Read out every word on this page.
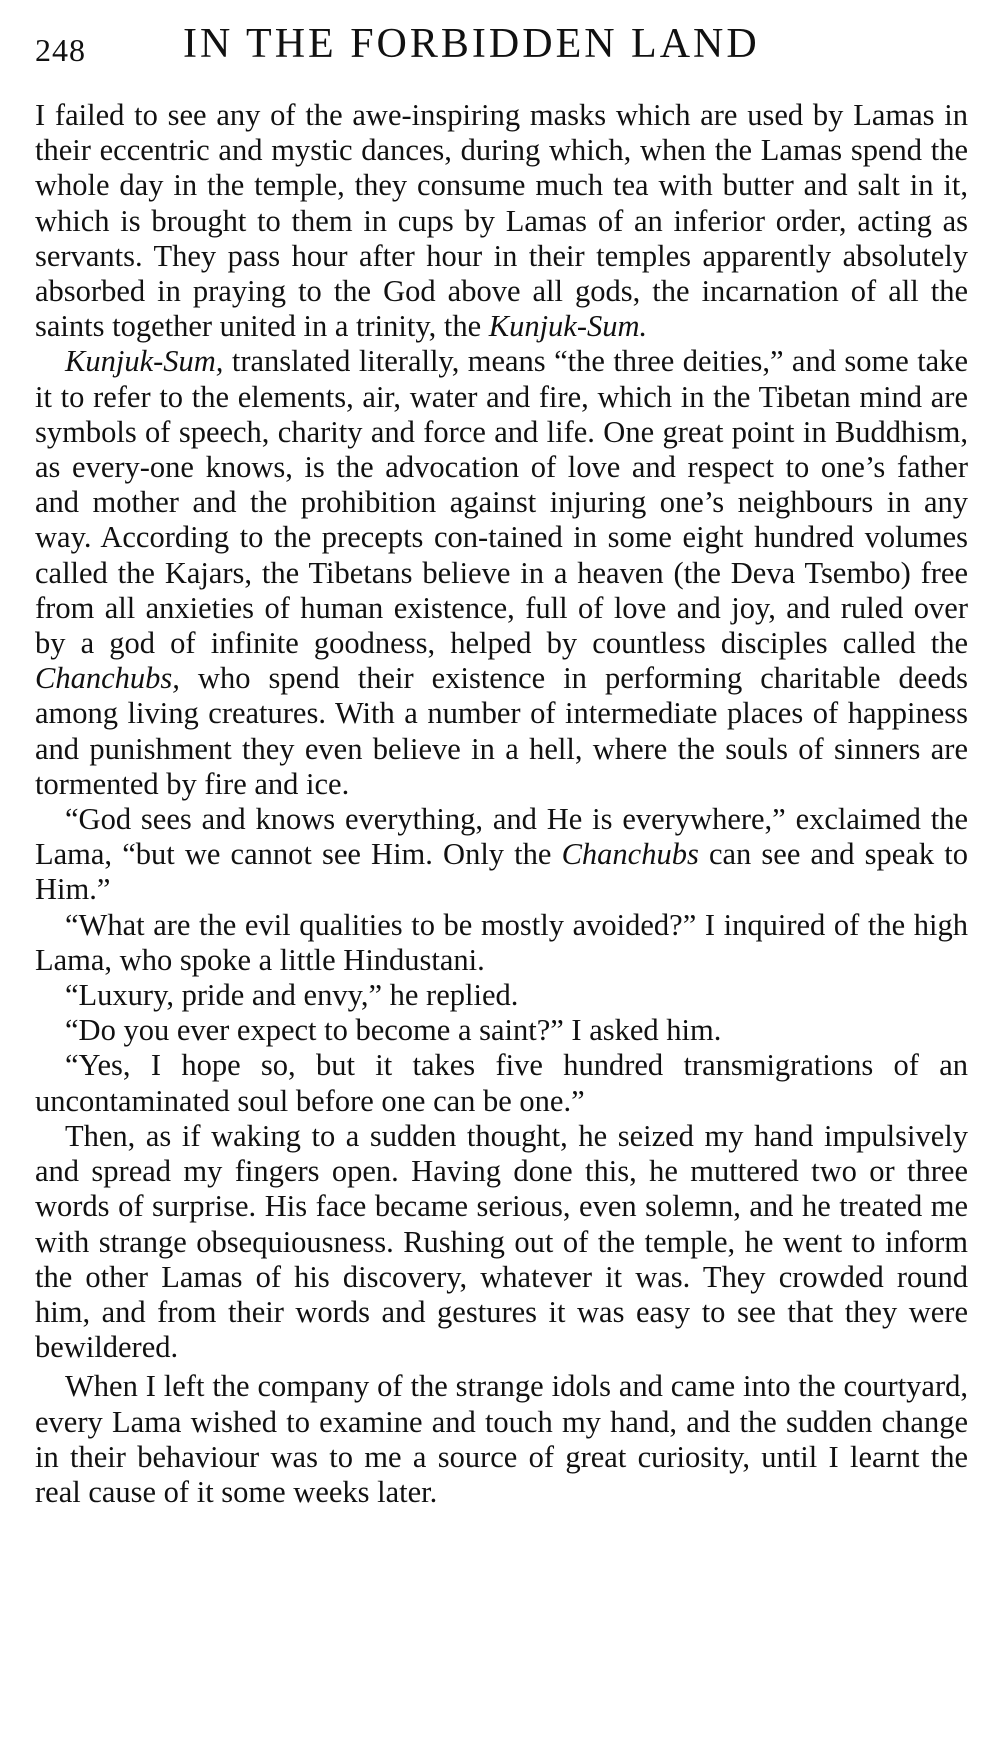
248 IN THE FORBIDDEN LAND

I failed to see any of the awe-inspiring masks which are used by Lamas in their eccentric and mystic dances, during which, when the Lamas spend the whole day in the temple, they consume much tea with butter and salt in it, which is brought to them in cups by Lamas of an inferior order, acting as servants. They pass hour after hour in their temples apparently absolutely absorbed in praying to the God above all gods, the incarnation of all the saints together united in a trinity, the Kunjuk-Sum.

Kunjuk-Sum, translated literally, means “the three deities,” and some take it to refer to the elements, air, water and fire, which in the Tibetan mind are symbols of speech, charity and force and life. One great point in Buddhism, as every-one knows, is the advocation of love and respect to one’s father and mother and the prohibition against injuring one’s neighbours in any way. According to the precepts con-tained in some eight hundred volumes called the Kajars, the Tibetans believe in a heaven (the Deva Tsembo) free from all anxieties of human existence, full of love and joy, and ruled over by a god of infinite goodness, helped by countless disciples called the Chanchubs, who spend their existence in performing charitable deeds among living creatures. With a number of intermediate places of happiness and punishment they even believe in a hell, where the souls of sinners are tormented by fire and ice.

“God sees and knows everything, and He is everywhere,” exclaimed the Lama, “but we cannot see Him. Only the Chanchubs can see and speak to Him.”

“What are the evil qualities to be mostly avoided?” I inquired of the high Lama, who spoke a little Hindustani.

“Luxury, pride and envy,” he replied.

“Do you ever expect to become a saint?” I asked him.

“Yes, I hope so, but it takes five hundred transmigrations of an uncontaminated soul before one can be one.”

Then, as if waking to a sudden thought, he seized my hand impulsively and spread my fingers open. Having done this, he muttered two or three words of surprise. His face became serious, even solemn, and he treated me with strange obsequiousness. Rushing out of the temple, he went to inform the other Lamas of his discovery, whatever it was. They crowded round him, and from their words and gestures it was easy to see that they were bewildered.

When I left the company of the strange idols and came into the courtyard, every Lama wished to examine and touch my hand, and the sudden change in their behaviour was to me a source of great curiosity, until I learnt the real cause of it some weeks later.
